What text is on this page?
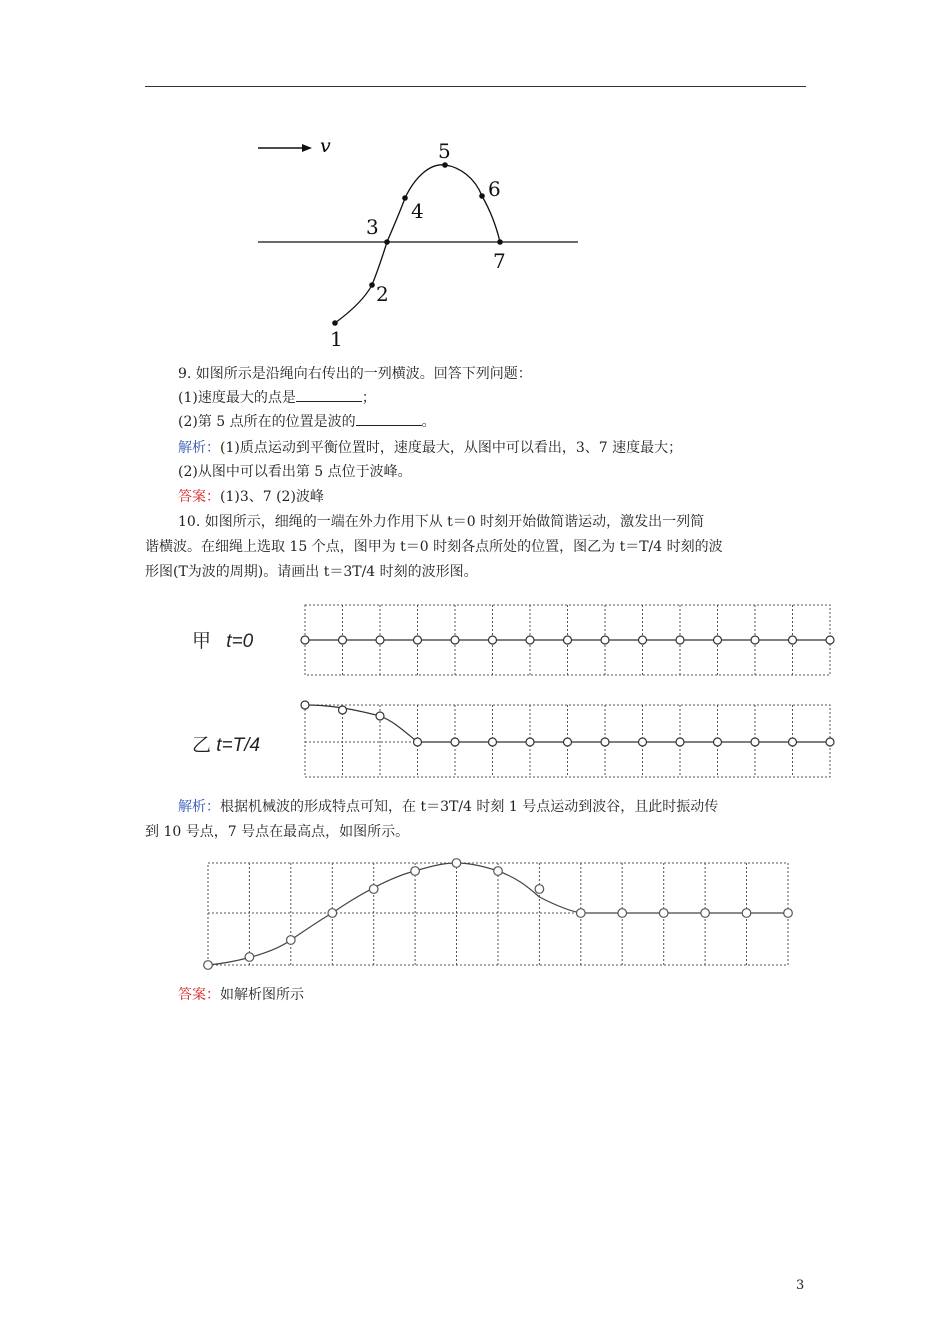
v
1
2
3
4
5
6
7
9. 如图所示是沿绳向右传出的一列横波。回答下列问题：
(1)速度最大的点是	；
(2)第 5 点所在的位置是波的	。
解析：(1)质点运动到平衡位置时，速度最大，从图中可以看出，3、7 速度最大；
(2)从图中可以看出第 5 点位于波峰。
答案：(1)3、7 (2)波峰
10. 如图所示，细绳的一端在外力作用下从 t＝0 时刻开始做简谐运动，激发出一列简
谐横波。在细绳上选取 15 个点，图甲为 t＝0 时刻各点所处的位置，图乙为 t＝T/4 时刻的波
形图(T为波的周期)。请画出 t＝3T/4 时刻的波形图。
甲 t=0
乙 t=T/4
解析：根据机械波的形成特点可知，在 t＝3T/4 时刻 1 号点运动到波谷，且此时振动传
到 10 号点，7 号点在最高点，如图所示。
答案：如解析图所示
3
